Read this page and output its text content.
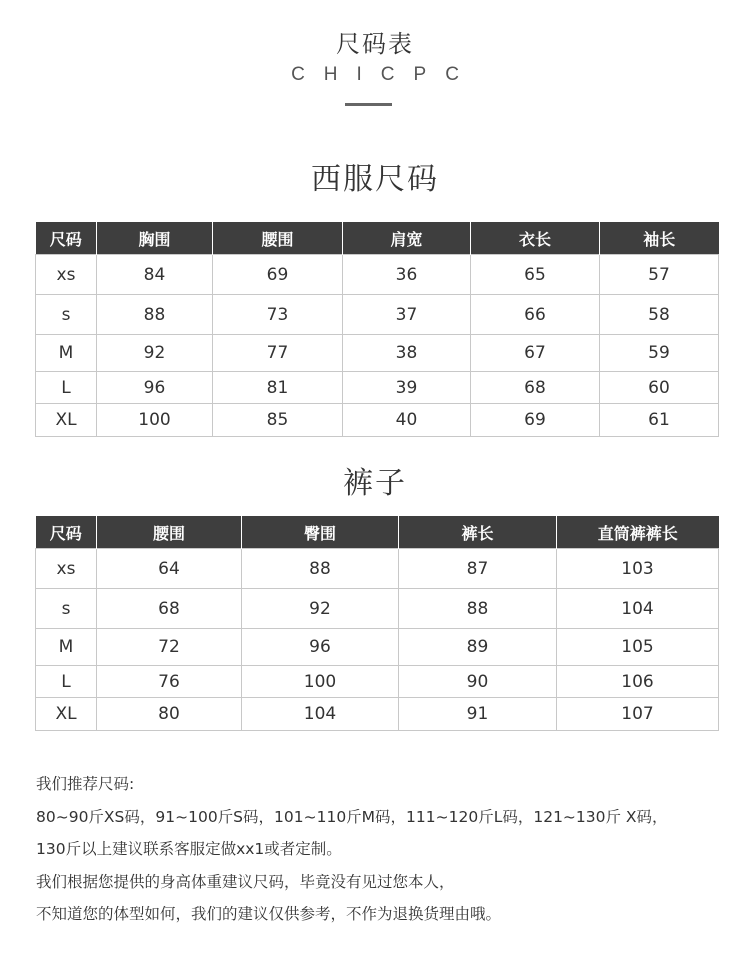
尺码表
CHICPC
西服尺码
尺码	胸围	腰围	肩宽	衣长	袖长
xs	84	69	36	65	57
s	88	73	37	66	58
M	92	77	38	67	59
L	96	81	39	68	60
XL	100	85	40	69	61
裤子
尺码	腰围	臀围	裤长	直筒裤裤长
xs	64	88	87	103
s	68	92	88	104
M	72	96	89	105
L	76	100	90	106
XL	80	104	91	107
我们推荐尺码:
80~90斤XS码，91~100斤S码，101~110斤M码，111~120斤L码，121~130斤 X码，
130斤以上建议联系客服定做xx1或者定制。
我们根据您提供的身高体重建议尺码，毕竟没有见过您本人，
不知道您的体型如何，我们的建议仅供参考，不作为退换货理由哦。
